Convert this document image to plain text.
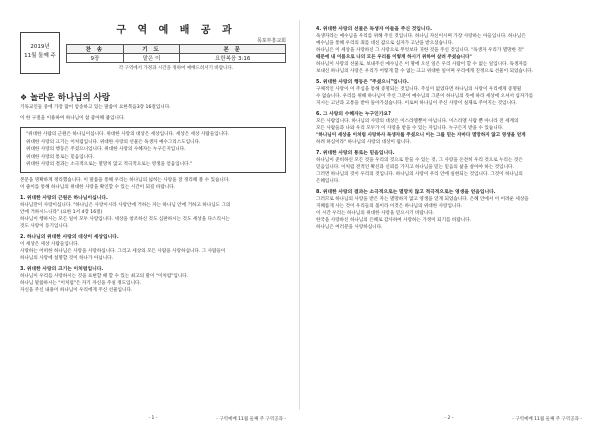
2019년
11월 둘째 주
구 역 예 배 공 과
목포부흥교회
찬 송	기 도	본 문
9장	맡은 이	요한복음 3:16
각 구역에서 가정과 시간을 정하여 예배드려서기 바랍니다.
❖ 놀라운 하나님의 사랑

기독교인들 중에 가장 많이 암송하고 있는 말씀이 요한복음3장 16절입니다.

이 한 구절을 이용하여 하나님이 참 좋아해 줍입니다.

"위대한 사람의 근원은 하나님이십니다. 위대한 사랑의 대상은 세상입니다. 세상은 세상 사람들입니다.

위대한 사랑의 크기는 이처럼입니다. 위대한 사랑의 선물은 독생자 예수그리스도입니다.

위대한 사랑의 행동은 주셨으니입니다. 위대한 사랑의 수혜자는 누구든지입니다.

위대한 사랑의 통로는 믿음입니다.

위대한 사랑의 결과는 소극적으로는 멸망치 않고 적극적으로는 영생을 얻음입니다."

본문을 명확하게 정리했습니다. 이 말씀을 통해 우리는 하나님의 넓히는 사랑을 잘 정리해 볼 수 있습니다.

이 줄이를 통해 하나님의 위대한 사랑을 확인할 수 있는 시간이 되길 바랍니다.

1. 위대한 사랑의 근원은 하나님이십니다.

하나님만이 사랑이십니다. "하나님은 사랑이시라 사랑안에 거하는 자는 하나님 안에 거하고 하나님도 그의

안에 거하시느니라" (요한 1서 4장 16절)

하나님이 행하시는 모든 일이 모두 사랑입니다. 세상을 창조하신 것도 심판하시는 것도 세상을 다스리시는

것도 사랑이 동기입니다.

2. 하나님의 위대한 사랑의 대상이 세상입니다.

이 세상은 세상 사람들입니다.

사랑하는 어떠한 하나님은 사랑을 사랑하십니다. 그리고 세상의 모든 사람을 사랑하십니다. 그 사람들이

하나님의 사랑에 설명할 것이 하나가 아닙니다.

3. 위대한 사랑의 크기는 이처럼입니다.

하나님이 우리를 사랑하시는 것을 표현할 때 할 수 있는 최고의 말이 "이처럼"입니다.

하나님 말씀하시는 "이처럼"은 자기 자신을 주실 정도입니다.

자신을 주신 내용이 하나님이 우리에게 주신 선물입니다.

- 1 -	- 구역예배 11월 둘째 주 구역공과 -

4. 위대한 사랑의 선물은 독생자 아들을 주신 것입니다.

독생자라는 예수님을 우리를 위해 주신 것입니다. 하나님 자신이시며 가장 사랑하는 아들입니다. 하나님은

예수님을 통해 우리의 죄를 대신 값으로 십자가 고난을 받으셨습니다.

하나님은 이 세상을 사랑하신 그 사랑으로 무엇보다 귀한 것을 주신 것입니다. "독생자 우리가 멸망한 것"

때문에 내 이름으로 나의 모든 우리를 이렇게 하시기 위하여 살려 주셨습니다"

하나님이 사랑의 선물로, 보내주신 예수님은 이 땅에 오신 일은 우리 사람이 할 수 없는 일입니다. 독생자를

보내신 하나님의 사랑은 우리가 어떻게 할 수 없는 크고 위대한 일이며 우리에게 진정으로 선물이 되었습니다.

5. 위대한 사랑의 행동은 "주셨으니"입니다.

구체적인 사랑이 이 주심을 통해 증명되는 것입니다. 주심이 없었다면 하나님의 사랑이 우리에게 증명될

수 없습니다. 우리를 위해 하나님이 주신 그분이 예수님의 그분이 하나님의 뜻에 따라 세상에 오셔서 십자가를

지시는 고난과 고통을 받아 돌아가셨습니다. 이로써 하나님이 주신 사랑이 실제로 주어지는 것입니다.

6. 그 사랑의 수혜자는 누구인가요?

모든 사람입니다. 하나님의 사랑의 대상은 이스라엘뿐이 아닙니다. 이스라엘 사람 뿐 아니라 전 세계의

모든 사람들과 나와 우리 모두가 이 사랑을 받을 수 있는 자입니다. 누구든지 받을 수 있습니다.

"하나님이 세상을 이처럼 사랑하사 독생자를 주셨으니 이는 그를 믿는 자마다 멸망하지 않고 영생을 얻게

하려 하심이라" 하나님의 사랑의 대상이 됩니다.

7. 위대한 사랑의 통로는 믿음입니다.

하나님이 준비하신 모든 것을 우리의 것으로 만들 수 있는 것, 그 사랑을 온전히 우리 것으로 누리는 것은

믿음입니다. 이처럼 전적인 확신과 신뢰를 가지고 하나님을 믿는 믿음의 삶을 살아야 하는 것입니다.

그러면 하나님의 것이 우리의 것입니다. 하나님의 사랑이 우리 안에 실현되는 것입니다. 그것이 하나님의

은혜입니다.

8. 위대한 사랑의 결과는 소극적으로는 멸망치 않고 적극적으로는 영생을 얻음입니다.

그러므로 하나님의 사랑을 받은 자는 멸망하지 않고 영생을 얻게 되었습니다. 은혜 안에서 이 어려운 세상을

지혜롭게 사는 것이 우리들의 몫이라 이것은 하나님의 위대한 사랑입니다.

이 시간 우리는 하나님의 위대한 사랑을 믿으시기 바랍니다.

한국을 사랑하신 하나님의 은혜로 감사하여 사랑하는 가정이 되기를 바랍니다.

하나님은 여러분을 사랑하십니다.

- 2 -	- 구역예배 11월 둘째 주 구역공과 -
